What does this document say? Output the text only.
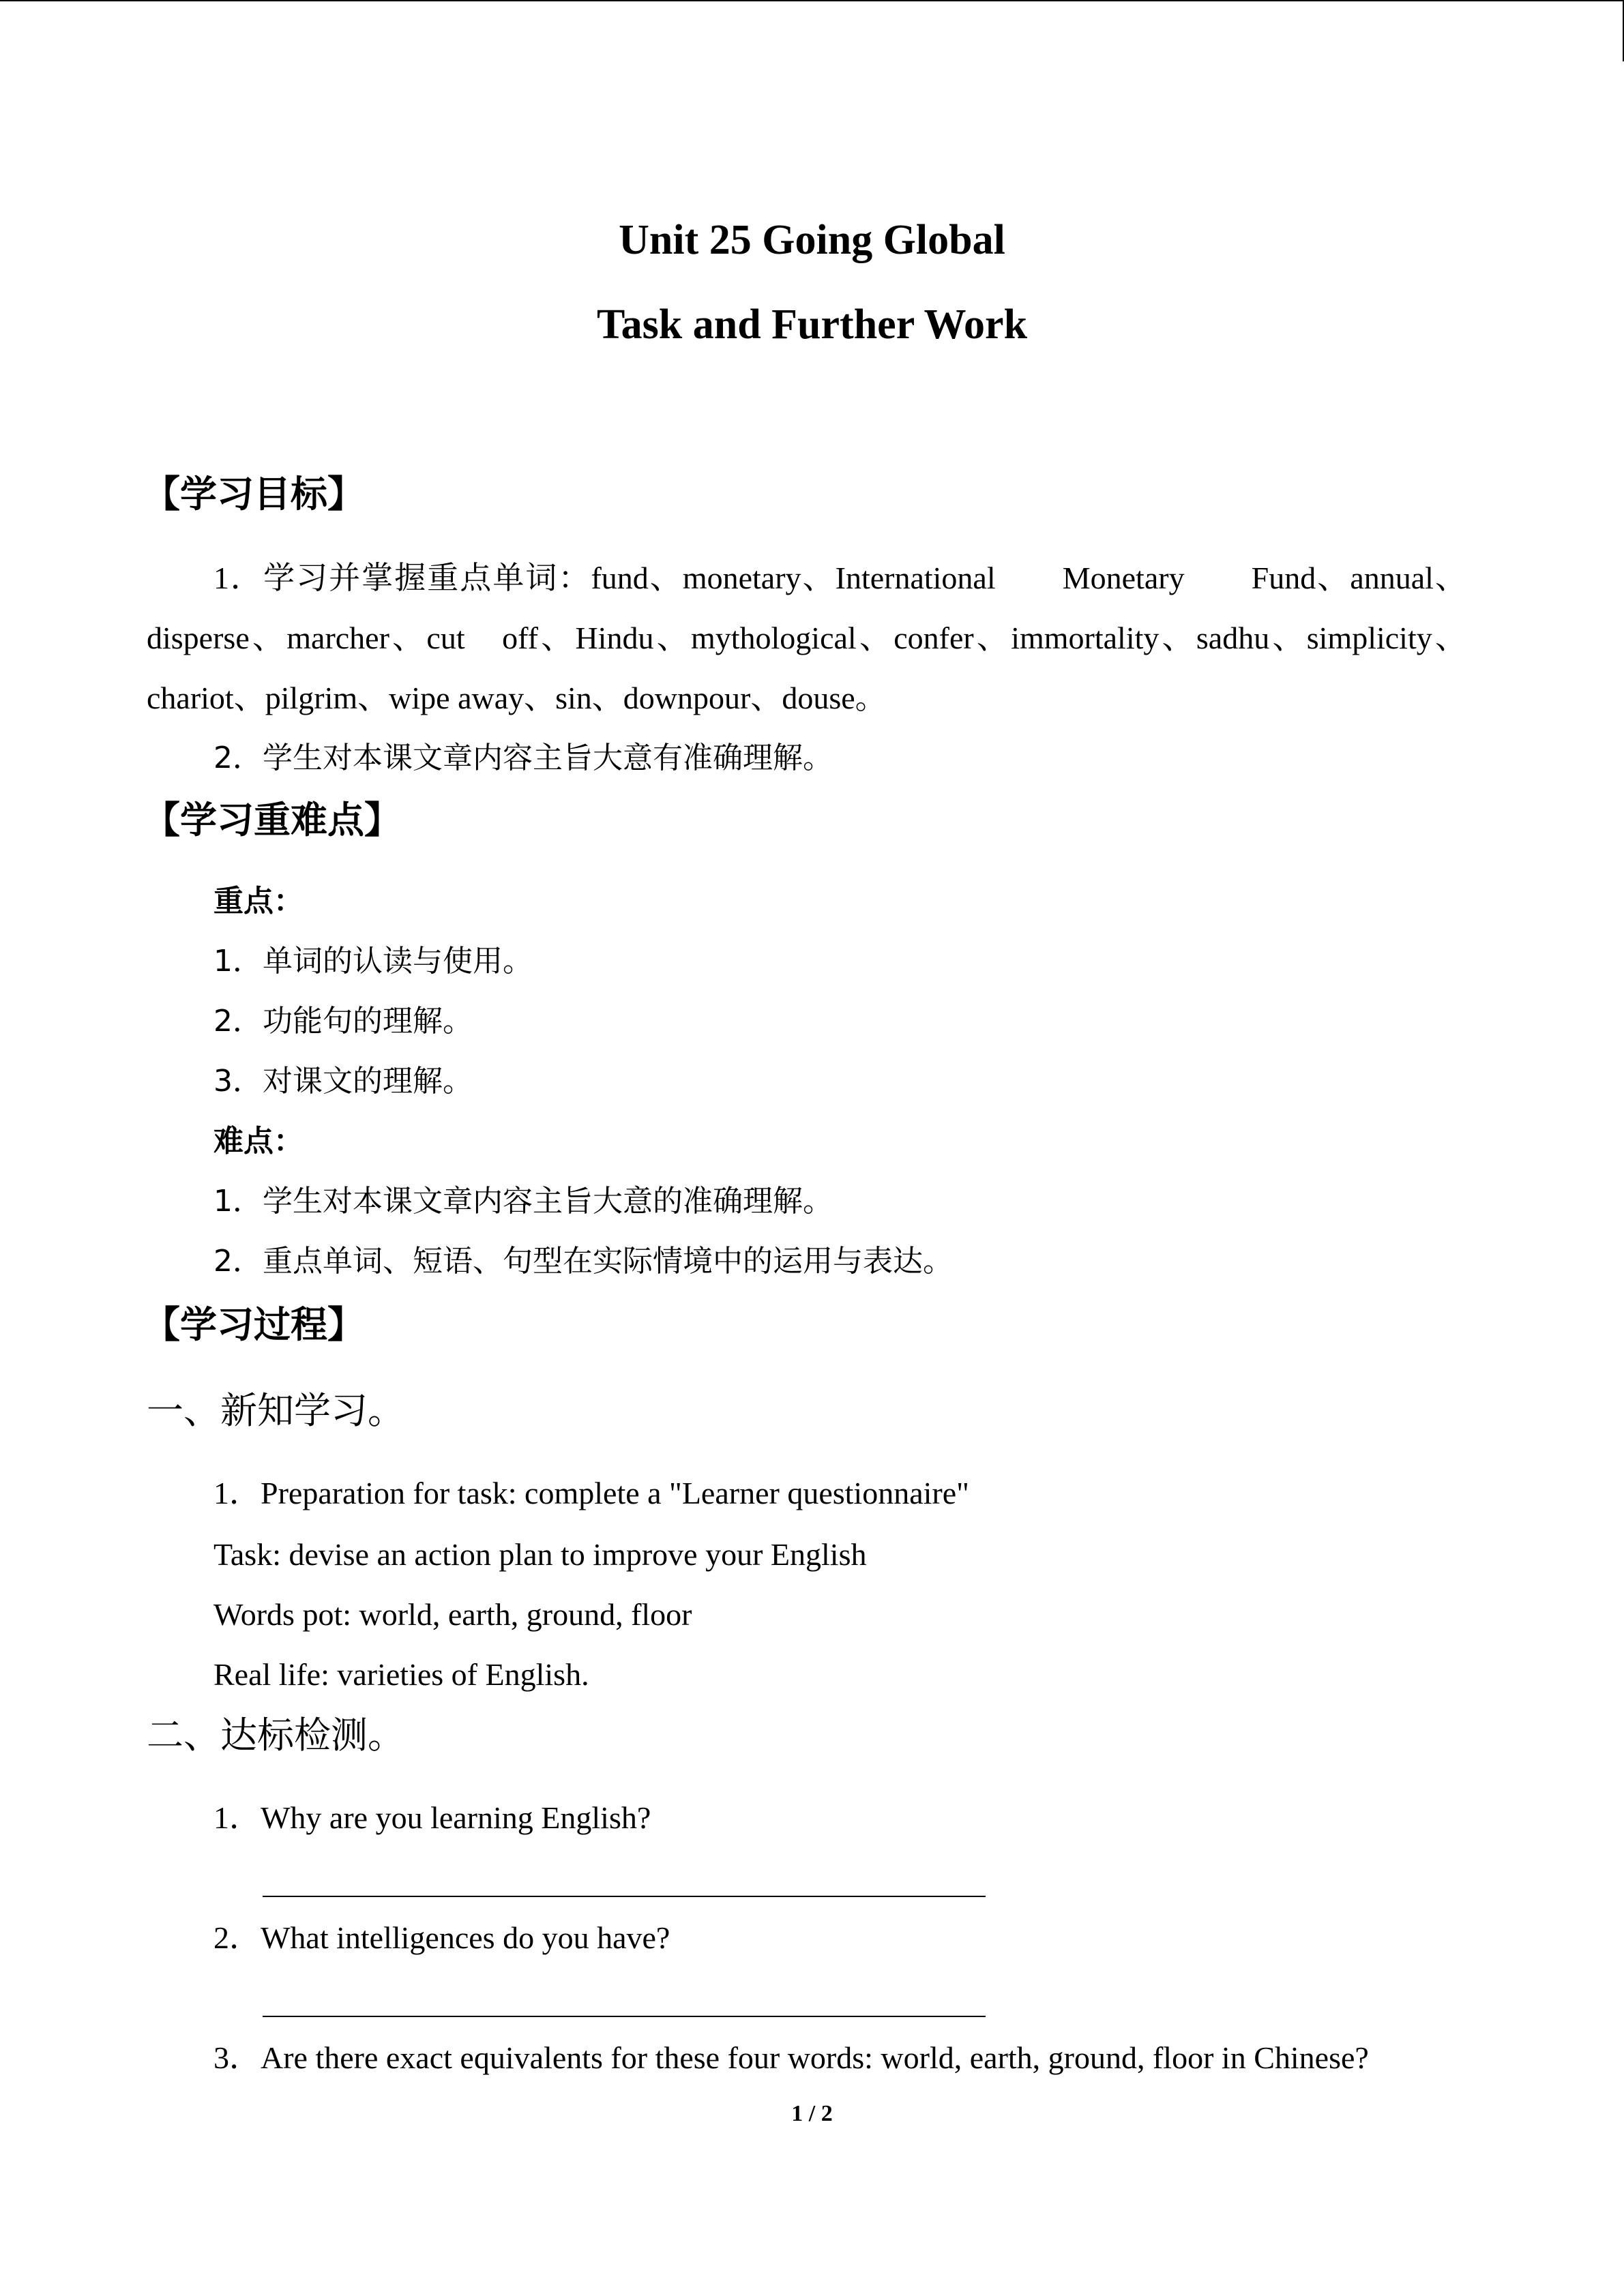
Unit 25 Going Global
Task and Further Work
【学习目标】
1．学习并掌握重点单词：fund、monetary、International　　Monetary　　Fund、annual、
disperse、marcher、cut　off、Hindu、mythological、confer、immortality、sadhu、simplicity、
chariot、pilgrim、wipe away、sin、downpour、douse。
2．学生对本课文章内容主旨大意有准确理解。
【学习重难点】
重点：
1．单词的认读与使用。
2．功能句的理解。
3．对课文的理解。
难点：
1．学生对本课文章内容主旨大意的准确理解。
2．重点单词、短语、句型在实际情境中的运用与表达。
【学习过程】
一、新知学习。
1．Preparation for task: complete a "Learner questionnaire"
Task: devise an action plan to improve your English
Words pot: world, earth, ground, floor
Real life: varieties of English.
二、达标检测。
1．Why are you learning English?
2．What intelligences do you have?
3．Are there exact equivalents for these four words: world, earth, ground, floor in Chinese?
1 / 2
